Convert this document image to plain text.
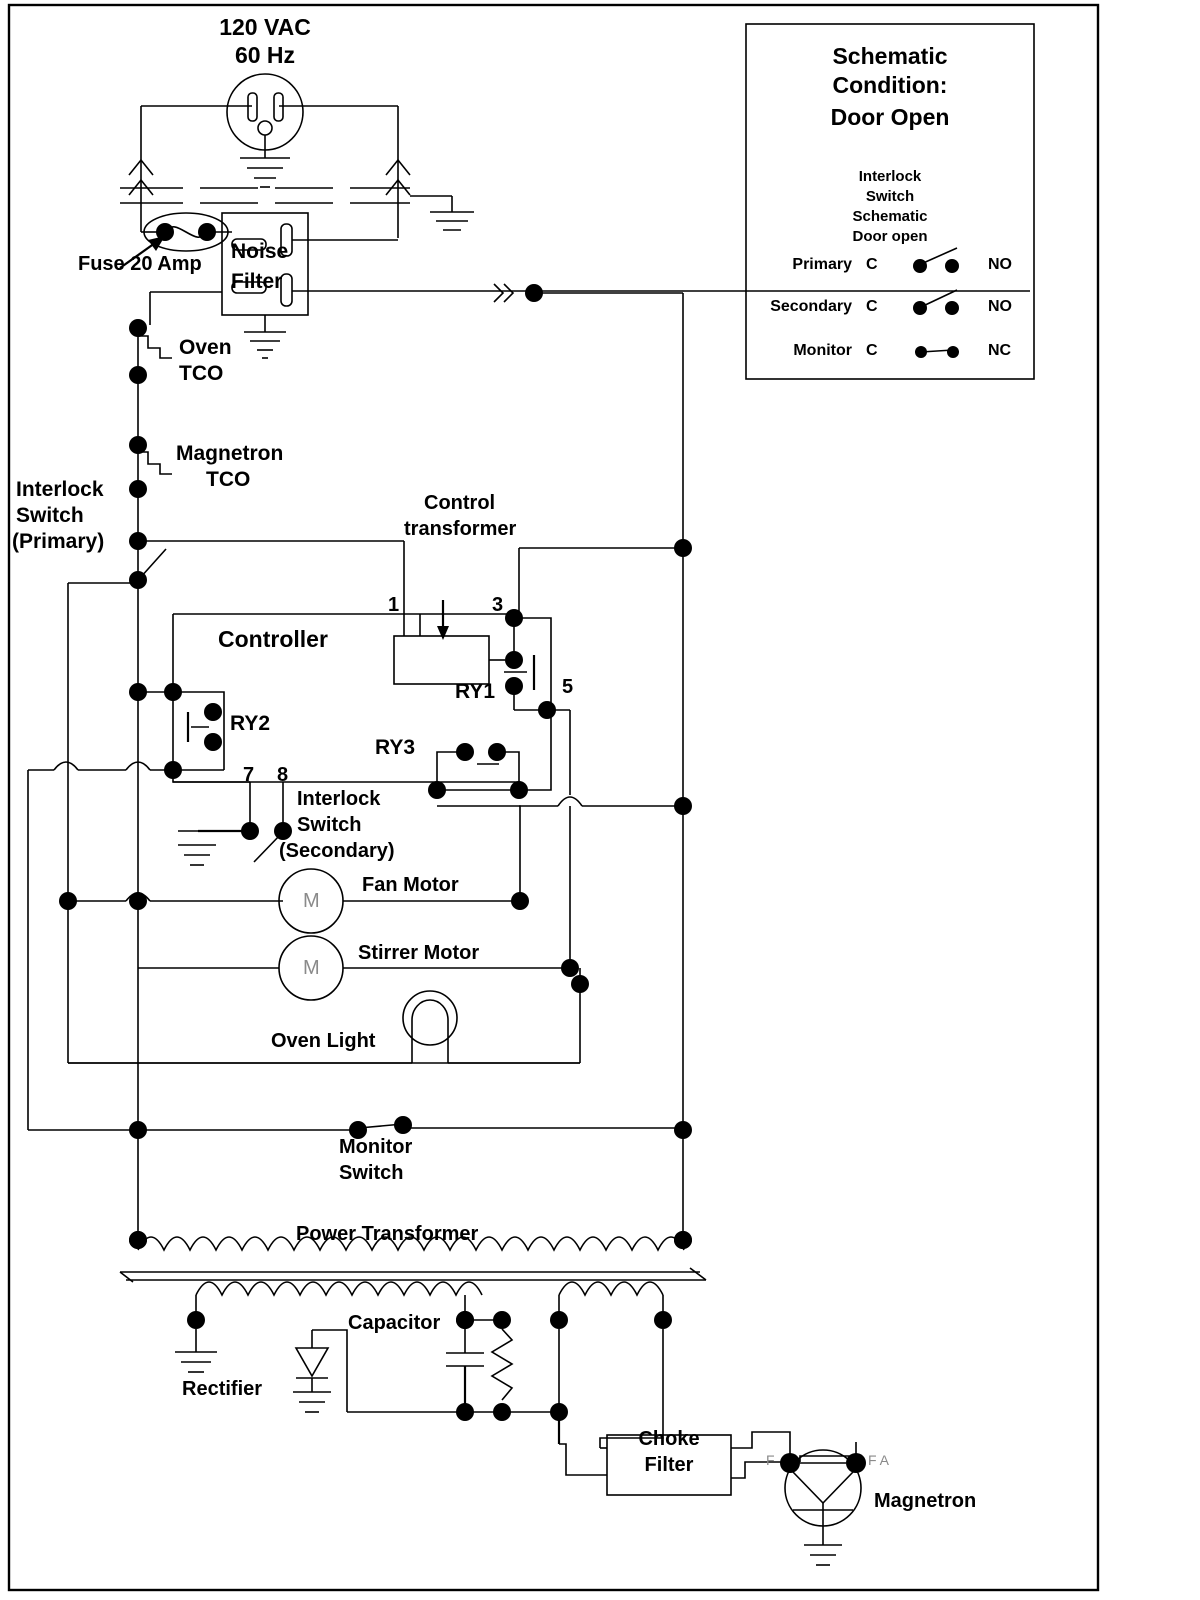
120 VAC
60 Hz
Fuse 20 Amp
Noise
Filter
Oven
TCO
Magnetron
TCO
Interlock
Switch
(Primary)
Control
transformer
Controller
1	3
5
7 8
RY1
RY2
RY3
Interlock
Switch
(Secondary)
M
Fan Motor
M
Stirrer Motor
Oven Light
Monitor
Switch
Power Transformer
Capacitor
Rectifier
Choke
Filter
Magnetron
F	F A
Schematic
Condition:
Door Open
Interlock
Switch
Schematic
Door open
Primary C	NO
Secondary C	NO
Monitor C	NC
